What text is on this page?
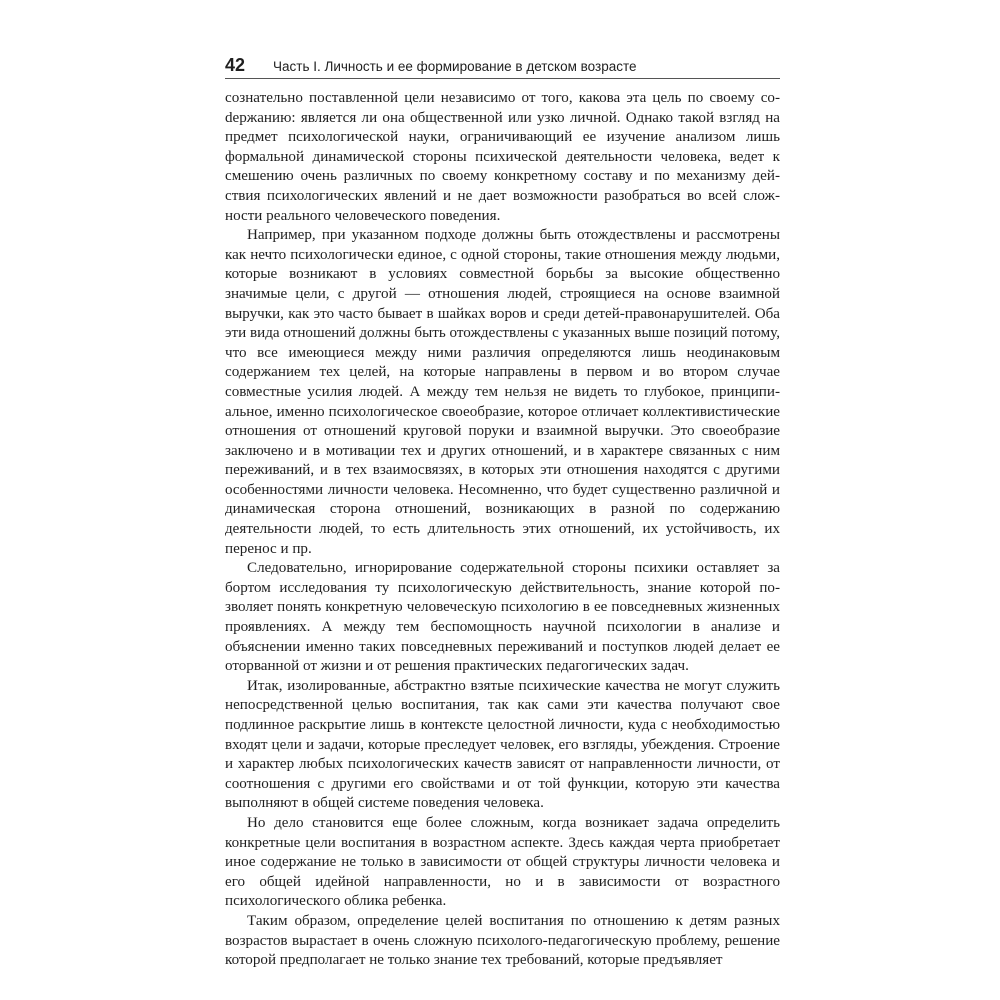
42	Часть I. Личность и ее формирование в детском возрасте

сознательно поставленной цели независимо от того, какова эта цель по своему соdержанию: является ли она общественной или узко личной. Однако такой взгляд на предмет психологической науки, ограничивающий ее изучение анализом лишь формальной динамической стороны психической деятельности человека, ведет к смешению очень различных по своему конкретному составу и по механизму действия психологических явлений и не дает возможности разобраться во всей сложности реального человеческого поведения.

Например, при указанном подходе должны быть отождествлены и рассмотрены как нечто психологически единое, с одной стороны, такие отношения между людьми, которые возникают в условиях совместной борьбы за высокие общественно значимые цели, с другой — отношения людей, строящиеся на основе взаимной выручки, как это часто бывает в шайках воров и среди детей-правонарушителей. Оба эти вида отношений должны быть отождествлены с указанных выше позиций потому, что все имеющиеся между ними различия определяются лишь неодинаковым содержанием тех целей, на которые направлены в первом и во втором случае совместные усилия людей. А между тем нельзя не видеть то глубокое, принципиальное, именно психологическое своеобразие, которое отличает коллективистические отношения от отношений круговой поруки и взаимной выручки. Это своеобразие заключено и в мотивации тех и других отношений, и в характере связанных с ним переживаний, и в тех взаимосвязях, в которых эти отношения находятся с другими особенностями личности человека. Несомненно, что будет существенно различной и динамическая сторона отношений, возникающих в разной по содержанию деятельности людей, то есть длительность этих отношений, их устойчивость, их перенос и пр.

Следовательно, игнорирование содержательной стороны психики оставляет за бортом исследования ту психологическую действительность, знание которой позволяет понять конкретную человеческую психологию в ее повседневных жизненных проявлениях. А между тем беспомощность научной психологии в анализе и объяснении именно таких повседневных переживаний и поступков людей делает ее оторванной от жизни и от решения практических педагогических задач.

Итак, изолированные, абстрактно взятые психические качества не могут служить непосредственной целью воспитания, так как сами эти качества получают свое подлинное раскрытие лишь в контексте целостной личности, куда с необходимостью входят цели и задачи, которые преследует человек, его взгляды, убеждения. Строение и характер любых психологических качеств зависят от направленности личности, от соотношения с другими его свойствами и от той функции, которую эти качества выполняют в общей системе поведения человека.

Но дело становится еще более сложным, когда возникает задача определить конкретные цели воспитания в возрастном аспекте. Здесь каждая черта приобретает иное содержание не только в зависимости от общей структуры личности человека и его общей идейной направленности, но и в зависимости от возрастного психологического облика ребенка.

Таким образом, определение целей воспитания по отношению к детям разных возрастов вырастает в очень сложную психолого-педагогическую проблему, решение которой предполагает не только знание тех требований, которые предъявляет
